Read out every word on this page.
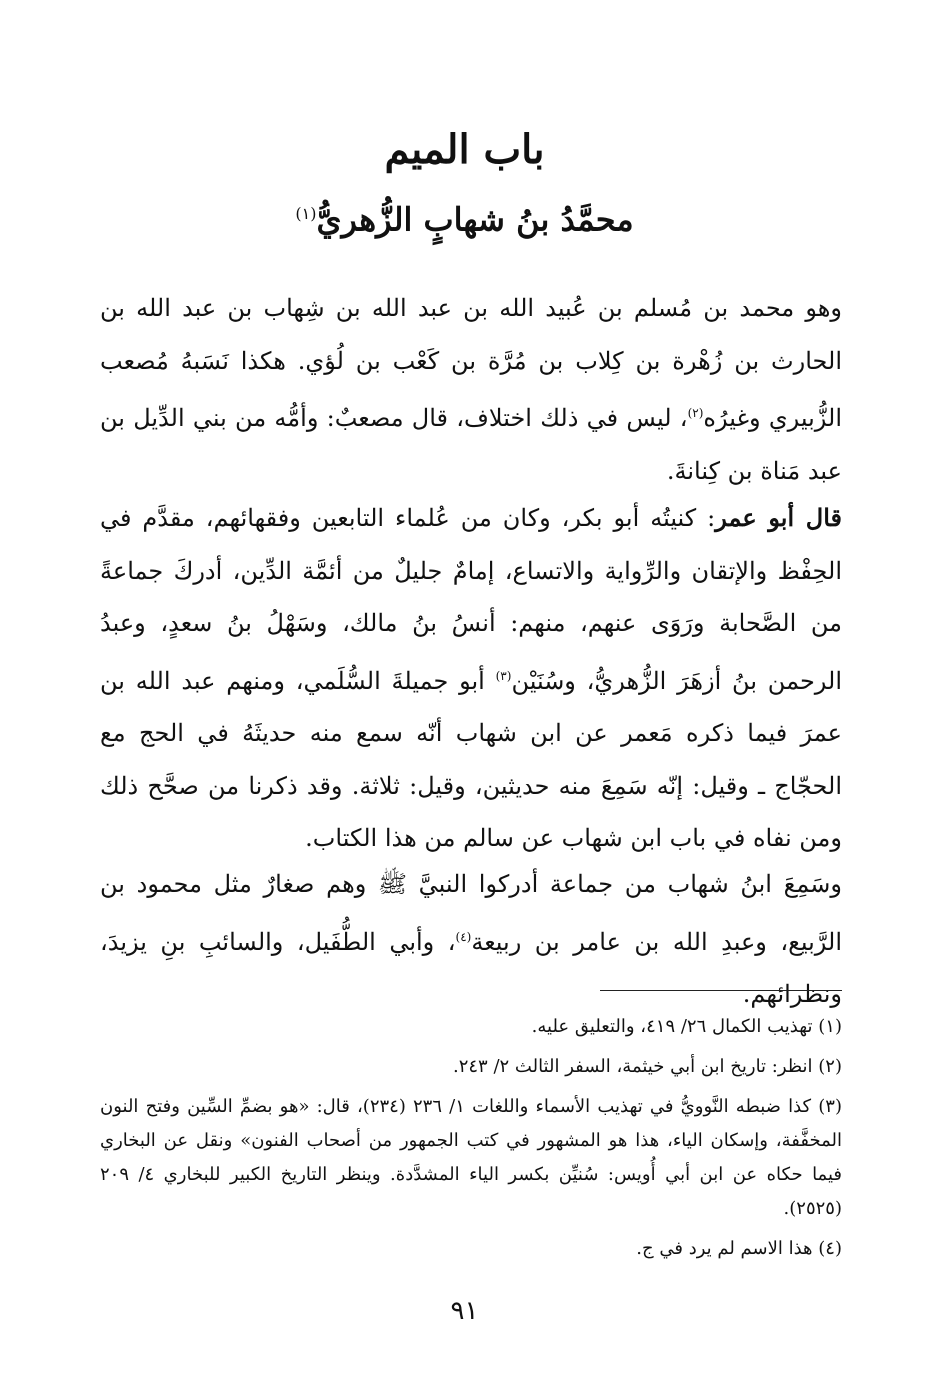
باب الميم
محمَّدُ بنُ شهابٍ الزُّهريُّ$^{(١)}$

وهو محمد بن مُسلم بن عُبيد الله بن عبد الله بن شِهاب بن عبد الله بن الحارث بن زُهْرة بن كِلاب بن مُرَّة بن كَعْب بن لُؤي. هكذا نَسَبهُ مُصعب الزُّبيري وغيرُه$^{(٢)}$، ليس في ذلك اختلاف، قال مصعبٌ: وأمُّه من بني الدِّيل بن عبد مَناة بن كِنانةَ.

قال أبو عمر: كنيتُه أبو بكر، وكان من عُلماء التابعين وفقهائهم، مقدَّم في الحِفْظ والإتقان والرِّواية والاتساع، إمامٌ جليلٌ من أئمَّة الدِّين، أدركَ جماعةً من الصَّحابة ورَوَى عنهم، منهم: أنسُ بنُ مالك، وسَهْلُ بنُ سعدٍ، وعبدُ الرحمن بنُ أزهَرَ الزُّهريُّ، وسُنَيْن$^{(٣)}$ أبو جميلةَ السُّلَمي، ومنهم عبد الله بن عمرَ فيما ذكره مَعمر عن ابن شهاب أنّه سمع منه حديثَهُ في الحج مع الحجّاج ـ وقيل: إنّه سَمِعَ منه حديثين، وقيل: ثلاثة. وقد ذكرنا من صحَّح ذلك ومن نفاه في باب ابن شهاب عن سالم من هذا الكتاب.

وسَمِعَ ابنُ شهاب من جماعة أدركوا النبيَّ ﷺ وهم صغارٌ مثل محمود بن الرَّبيع، وعبدِ الله بن عامر بن ربيعة$^{(٤)}$، وأبي الطُّفَيل، والسائبِ بنِ يزيدَ، ونظرائهم.

(١) تهذيب الكمال ٢٦/ ٤١٩، والتعليق عليه.

(٢) انظر: تاريخ ابن أبي خيثمة، السفر الثالث ٢/ ٢٤٣.

(٣) كذا ضبطه النَّوويُّ في تهذيب الأسماء واللغات ١/ ٢٣٦ (٢٣٤)، قال: «هو بضمِّ السِّين وفتح النون المخفَّفة، وإسكان الياء، هذا هو المشهور في كتب الجمهور من أصحاب الفنون» ونقل عن البخاري فيما حكاه عن ابن أبي أُويس: سُنيِّن بكسر الياء المشدَّدة. وينظر التاريخ الكبير للبخاري ٤/ ٢٠٩ (٢٥٢٥).

(٤) هذا الاسم لم يرد في ج.

٩١
